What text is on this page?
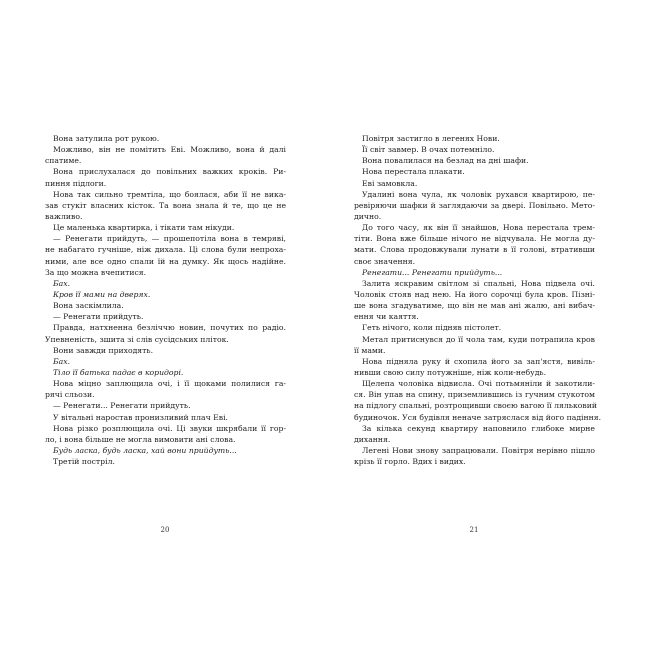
Вона затулила рот рукою.
Можливо, він не помітить Еві. Можливо, вона й далі
спатиме.
Вона прислухалася до повільних важких кроків. Ри-
пиння підлоги.
Нова так сильно тремтіла, що боялася, аби її не вика-
зав стукіт власних кісток. Та вона знала й те, що це не
важливо.
Це маленька квартирка, і тікати там нікуди.
— Ренегати прийдуть, — прошепотіла вона в темряві,
не набагато гучніше, ніж дихала. Ці слова були непроха-
ними, але все одно спали їй на думку. Як щось надійне.
За що можна вчепитися.
Бах.
Кров її мами на дверях.
Вона заскімлила.
— Ренегати прийдуть.
Правда, натхненна безліччю новин, почутих по радіо.
Упевненість, зшита зі слів сусідських пліток.
Вони завжди приходять.
Бах.
Тіло її батька падає в коридорі.
Нова міцно заплющила очі, і її щоками полилися га-
рячі сльози.
— Ренегати... Ренегати прийдуть.
У вітальні наростав пронизливий плач Еві.
Нова різко розплющила очі. Ці звуки шкрябали її гор-
ло, і вона більше не могла вимовити ані слова.
Будь ласка, будь ласка, хай вони прийдуть...
Третій постріл.
Повітря застигло в легенях Нови.
Її світ завмер. В очах потемніло.
Вона повалилася на безлад на дні шафи.
Нова перестала плакати.
Еві замовкла.
Удалині вона чула, як чоловік рухався квартирою, пе-
ревіряючи шафки й заглядаючи за двері. Повільно. Мето-
дично.
До того часу, як він її знайшов, Нова перестала трем-
тіти. Вона вже більше нічого не відчувала. Не могла ду-
мати. Слова продовжували лунати в її голові, втративши
своє значення.
Ренегати... Ренегати прийдуть...
Залита яскравим світлом зі спальні, Нова підвела очі.
Чоловік стояв над нею. На його сорочці була кров. Пізні-
ше вона згадуватиме, що він не мав ані жалю, ані вибач-
ення чи каяття.
Геть нічого, коли підняв пістолет.
Метал притиснувся до її чола там, куди потрапила кров
її мами.
Нова підняла руку й схопила його за зап'ястя, вивіль-
нивши свою силу потужніше, ніж коли-небудь.
Щелепа чоловіка відвисла. Очі потьмяніли й закотили-
ся. Він упав на спину, приземлившись із гучним стукотом
на підлогу спальні, розтрощивши своєю вагою її ляльковий
будиночок. Уся будівля неначе затряслася від його падіння.
За кілька секунд квартиру наповнило глибоке мирне
дихання.
Легені Нови знову запрацювали. Повітря нерівно пішло
крізь її горло. Вдих і видих.
20	21
